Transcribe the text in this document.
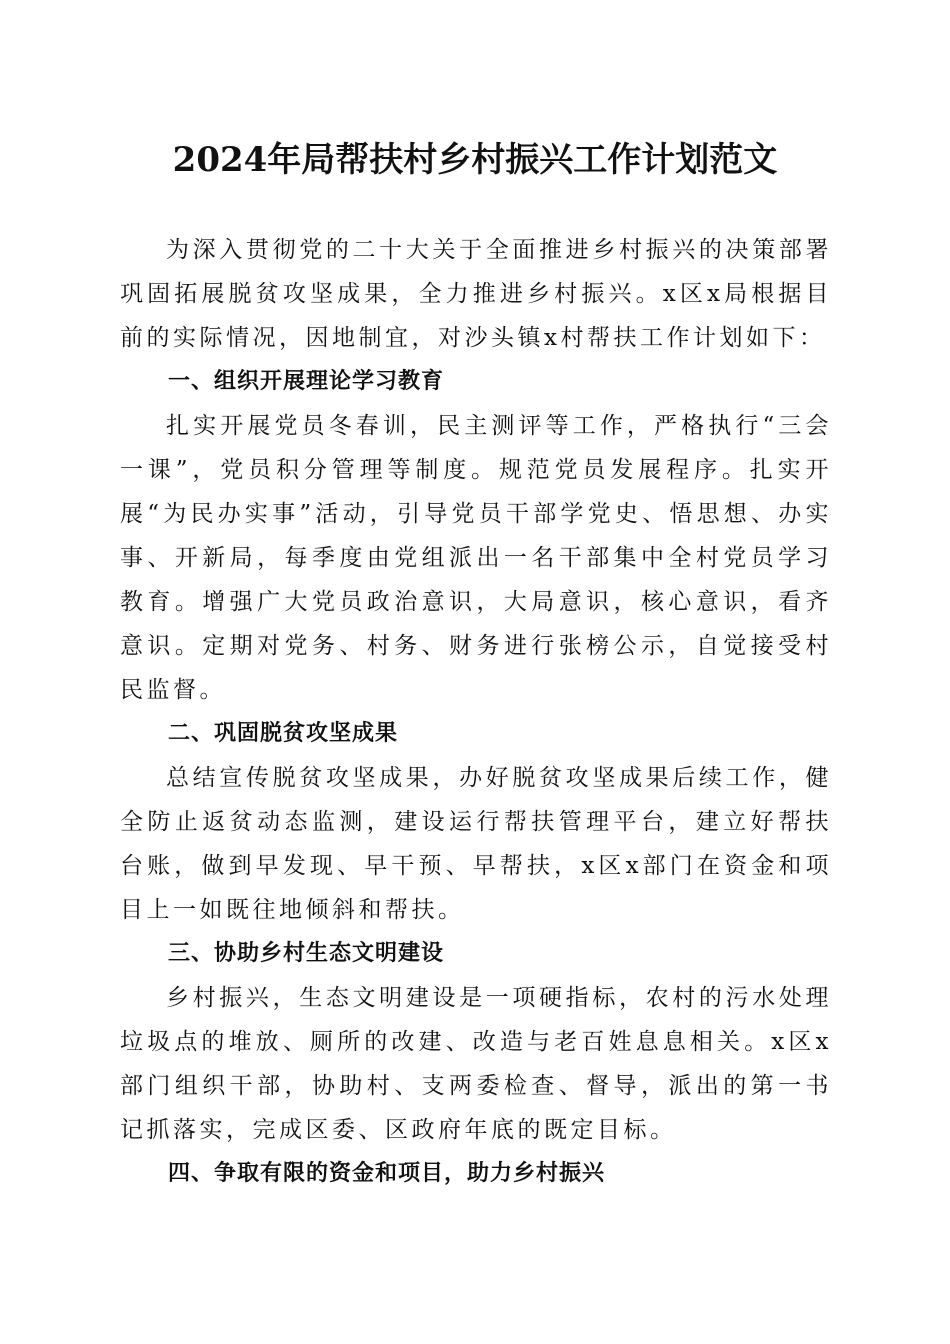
2024年局帮扶村乡村振兴工作计划范文

为深入贯彻党的二十大关于全面推进乡村振兴的决策部署巩固拓展脱贫攻坚成果，全力推进乡村振兴。x区x局根据目前的实际情况，因地制宜，对沙头镇x村帮扶工作计划如下：

一、组织开展理论学习教育

扎实开展党员冬春训，民主测评等工作，严格执行“三会一课”，党员积分管理等制度。规范党员发展程序。扎实开展“为民办实事”活动，引导党员干部学党史、悟思想、办实事、开新局，每季度由党组派出一名干部集中全村党员学习教育。增强广大党员政治意识，大局意识，核心意识，看齐意识。定期对党务、村务、财务进行张榜公示，自觉接受村民监督。

二、巩固脱贫攻坚成果

总结宣传脱贫攻坚成果，办好脱贫攻坚成果后续工作，健全防止返贫动态监测，建设运行帮扶管理平台，建立好帮扶台账，做到早发现、早干预、早帮扶，x区x部门在资金和项目上一如既往地倾斜和帮扶。

三、协助乡村生态文明建设

乡村振兴，生态文明建设是一项硬指标，农村的污水处理垃圾点的堆放、厕所的改建、改造与老百姓息息相关。x区x部门组织干部，协助村、支两委检查、督导，派出的第一书记抓落实，完成区委、区政府年底的既定目标。

四、争取有限的资金和项目，助力乡村振兴
